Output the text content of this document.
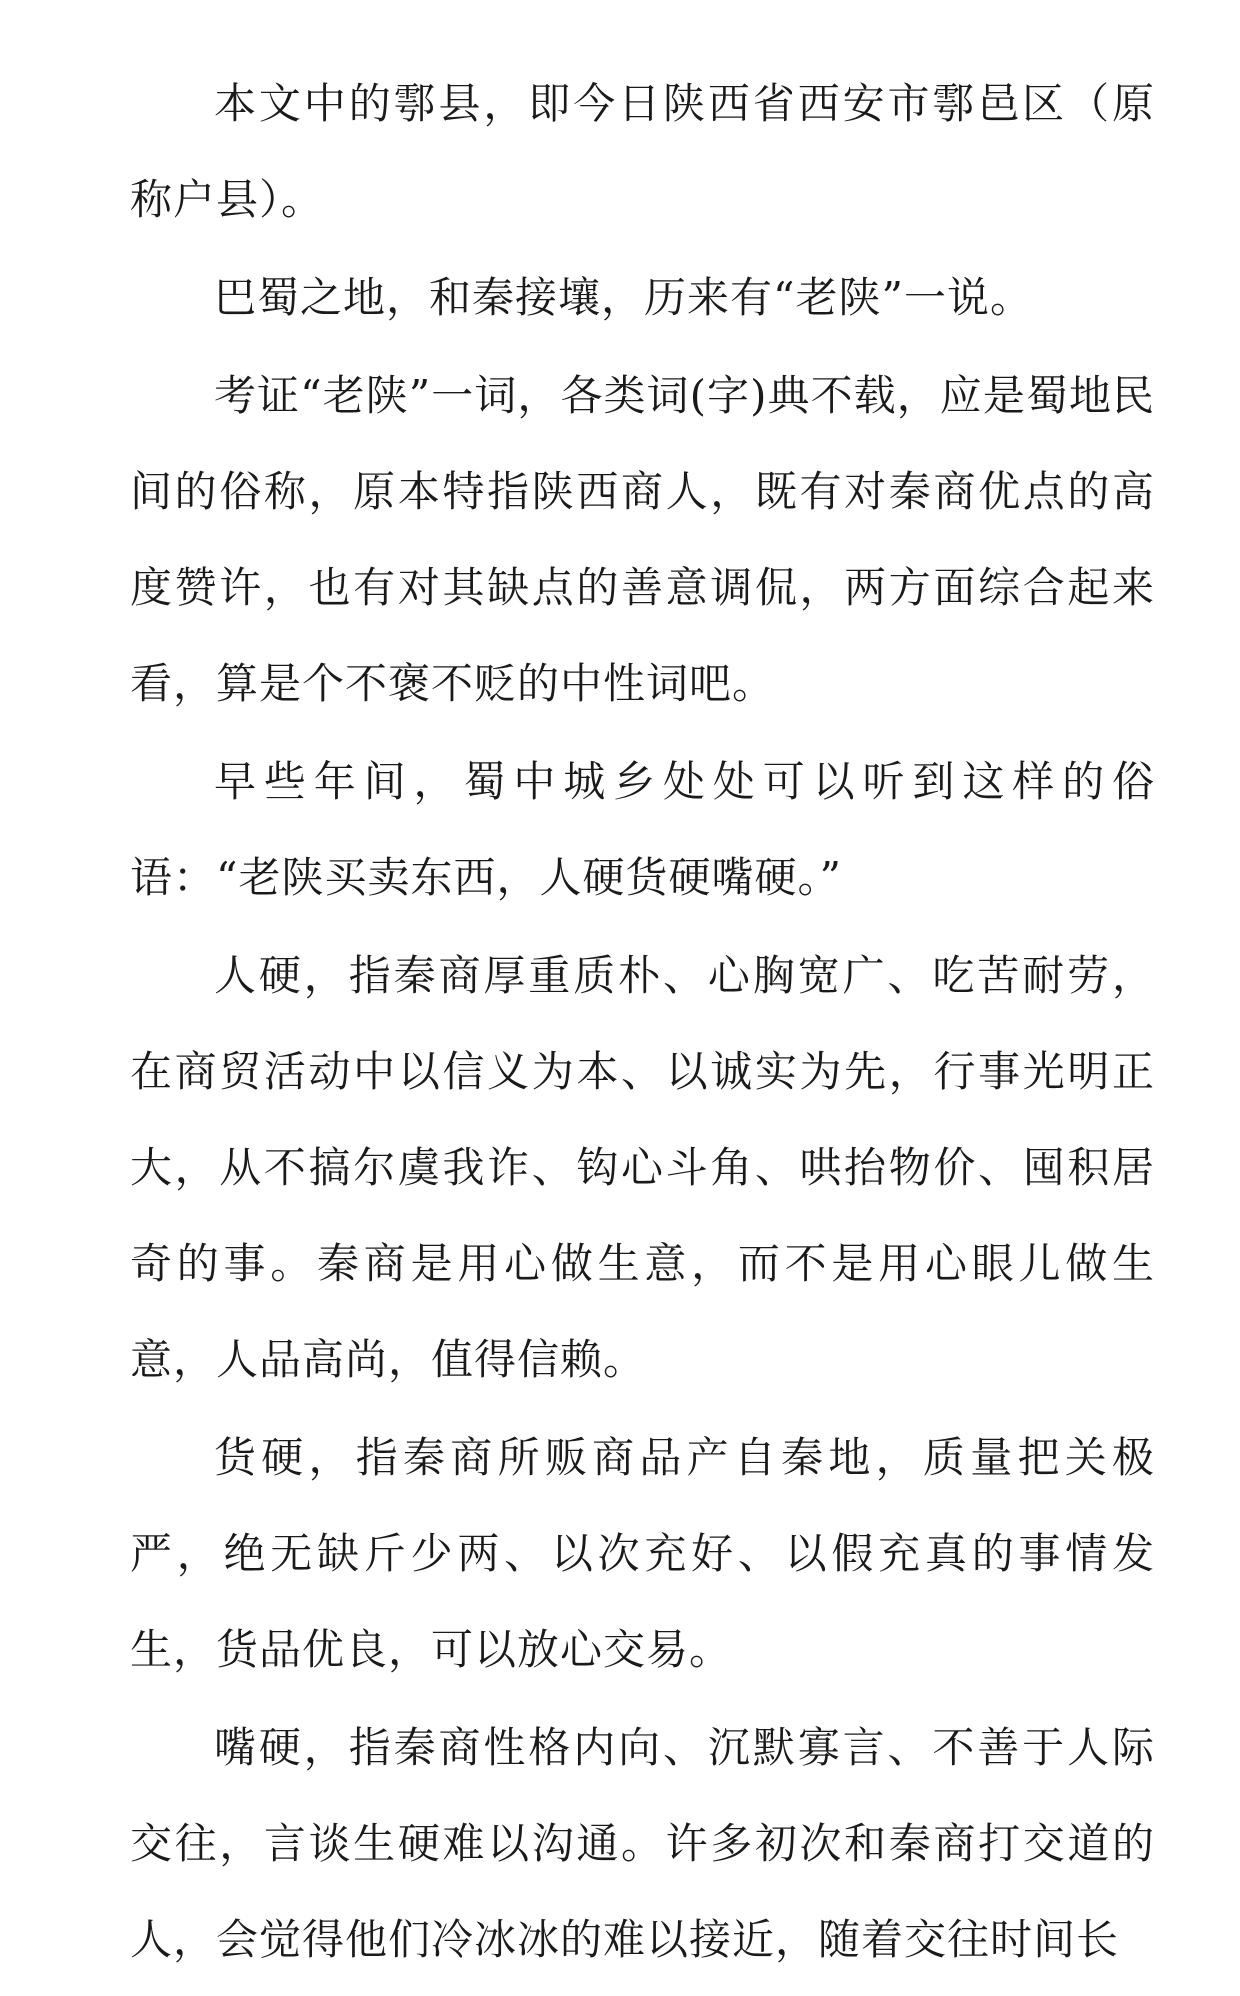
本文中的鄠县，即今日陕西省西安市鄠邑区（原称户县）。

巴蜀之地，和秦接壤，历来有“老陕”一说。

考证“老陕”一词，各类词(字)典不载，应是蜀地民间的俗称，原本特指陕西商人，既有对秦商优点的高度赞许，也有对其缺点的善意调侃，两方面综合起来看，算是个不褒不贬的中性词吧。

早些年间，蜀中城乡处处可以听到这样的俗语：“老陕买卖东西，人硬货硬嘴硬。”

人硬，指秦商厚重质朴、心胸宽广、吃苦耐劳，在商贸活动中以信义为本、以诚实为先，行事光明正大，从不搞尔虞我诈、钩心斗角、哄抬物价、囤积居奇的事。秦商是用心做生意，而不是用心眼儿做生意，人品高尚，值得信赖。

货硬，指秦商所贩商品产自秦地，质量把关极严，绝无缺斤少两、以次充好、以假充真的事情发生，货品优良，可以放心交易。

嘴硬，指秦商性格内向、沉默寡言、不善于人际交往，言谈生硬难以沟通。许多初次和秦商打交道的人，会觉得他们冷冰冰的难以接近，随着交往时间长
